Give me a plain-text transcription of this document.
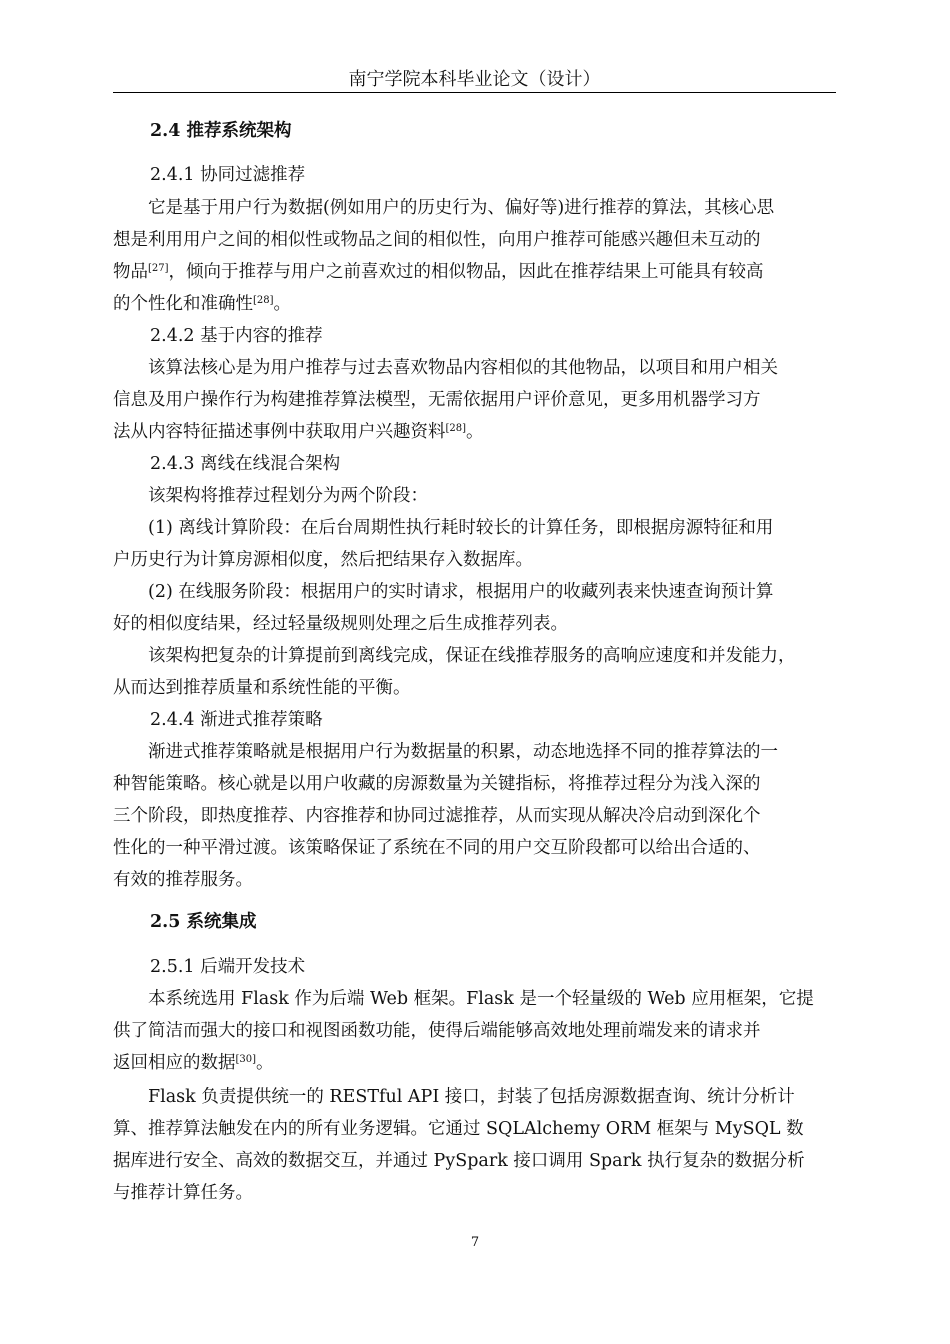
南宁学院本科毕业论文（设计）
2.4 推荐系统架构
2.4.1 协同过滤推荐
它是基于用户行为数据(例如用户的历史行为、偏好等)进行推荐的算法，其核心思
想是利用用户之间的相似性或物品之间的相似性，向用户推荐可能感兴趣但未互动的
物品[27]，倾向于推荐与用户之前喜欢过的相似物品，因此在推荐结果上可能具有较高
的个性化和准确性[28]。
2.4.2 基于内容的推荐
该算法核心是为用户推荐与过去喜欢物品内容相似的其他物品，以项目和用户相关
信息及用户操作行为构建推荐算法模型，无需依据用户评价意见，更多用机器学习方
法从内容特征描述事例中获取用户兴趣资料[28]。
2.4.3 离线在线混合架构
该架构将推荐过程划分为两个阶段：
(1) 离线计算阶段：在后台周期性执行耗时较长的计算任务，即根据房源特征和用
户历史行为计算房源相似度，然后把结果存入数据库。
(2) 在线服务阶段：根据用户的实时请求，根据用户的收藏列表来快速查询预计算
好的相似度结果，经过轻量级规则处理之后生成推荐列表。
该架构把复杂的计算提前到离线完成，保证在线推荐服务的高响应速度和并发能力，
从而达到推荐质量和系统性能的平衡。
2.4.4 渐进式推荐策略
渐进式推荐策略就是根据用户行为数据量的积累，动态地选择不同的推荐算法的一
种智能策略。核心就是以用户收藏的房源数量为关键指标，将推荐过程分为浅入深的
三个阶段，即热度推荐、内容推荐和协同过滤推荐，从而实现从解决冷启动到深化个
性化的一种平滑过渡。该策略保证了系统在不同的用户交互阶段都可以给出合适的、
有效的推荐服务。
2.5 系统集成
2.5.1 后端开发技术
本系统选用 Flask 作为后端 Web 框架。Flask 是一个轻量级的 Web 应用框架，它提
供了简洁而强大的接口和视图函数功能，使得后端能够高效地处理前端发来的请求并
返回相应的数据[30]。
Flask 负责提供统一的 RESTful API 接口，封装了包括房源数据查询、统计分析计
算、推荐算法触发在内的所有业务逻辑。它通过 SQLAlchemy ORM 框架与 MySQL 数
据库进行安全、高效的数据交互，并通过 PySpark 接口调用 Spark 执行复杂的数据分析
与推荐计算任务。
7
